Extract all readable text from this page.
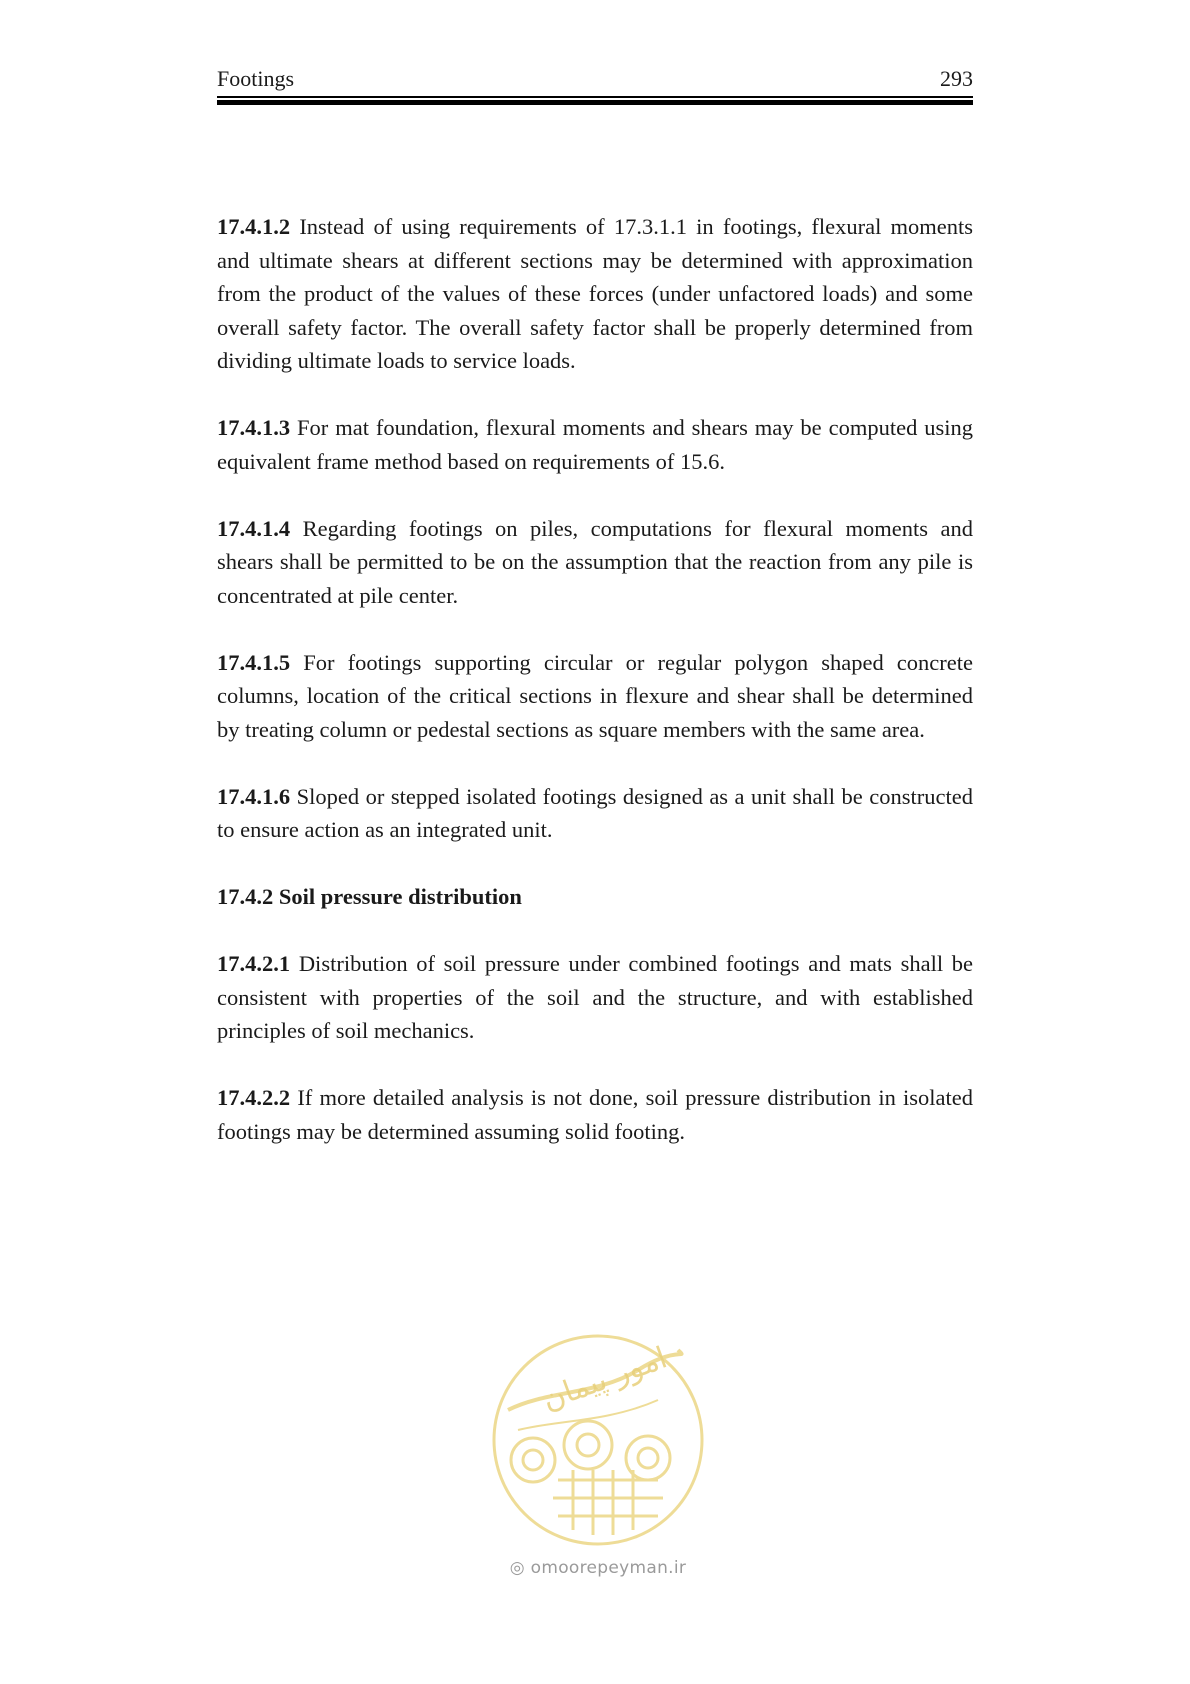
Footings	293

17.4.1.2 Instead of using requirements of 17.3.1.1 in footings, flexural moments and ultimate shears at different sections may be determined with approximation from the product of the values of these forces (under unfactored loads) and some overall safety factor. The overall safety factor shall be properly determined from dividing ultimate loads to service loads.

17.4.1.3 For mat foundation, flexural moments and shears may be computed using equivalent frame method based on requirements of 15.6.

17.4.1.4 Regarding footings on piles, computations for flexural moments and shears shall be permitted to be on the assumption that the reaction from any pile is concentrated at pile center.

17.4.1.5 For footings supporting circular or regular polygon shaped concrete columns, location of the critical sections in flexure and shear shall be determined by treating column or pedestal sections as square members with the same area.

17.4.1.6 Sloped or stepped isolated footings designed as a unit shall be constructed to ensure action as an integrated unit.

17.4.2 Soil pressure distribution

17.4.2.1 Distribution of soil pressure under combined footings and mats shall be consistent with properties of the soil and the structure, and with established principles of soil mechanics.

17.4.2.2 If more detailed analysis is not done, soil pressure distribution in isolated footings may be determined assuming solid footing.

امور پیمان
◎ omoorepeyman.ir
